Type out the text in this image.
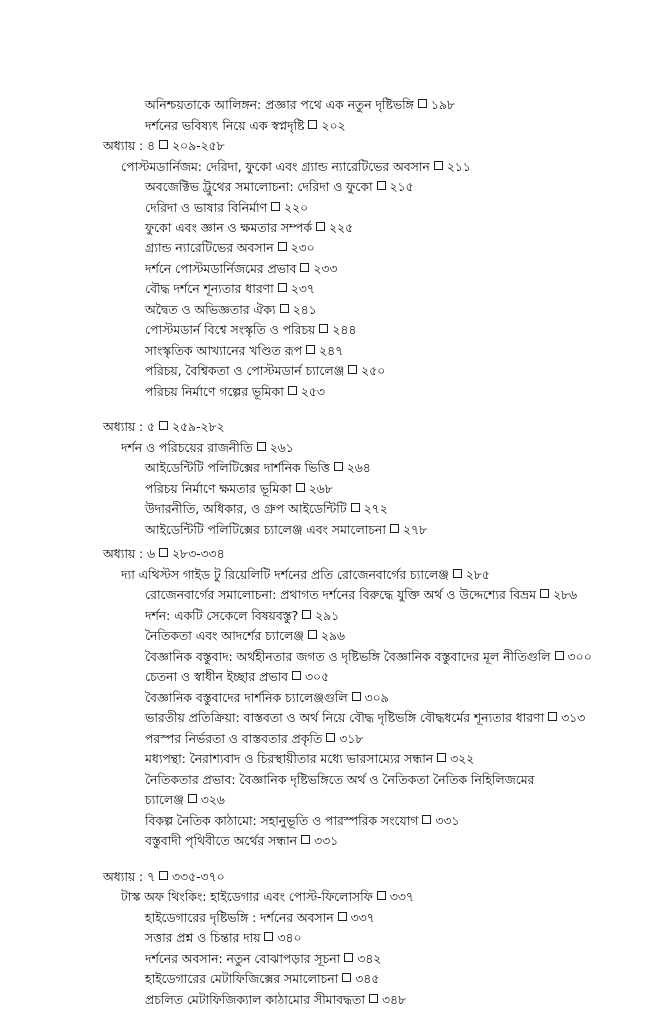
অনিশ্চয়তাকে আলিঙ্গন: প্রজ্ঞার পথে এক নতুন দৃষ্টিভঙ্গি ১৯৮
দর্শনের ভবিষ্যৎ নিয়ে এক স্বপ্নদৃষ্টি ২০২
অধ্যায় : ৪ ২০৯-২৫৮
পোস্টমডার্নিজম: দেরিদা, ফুকো এবং গ্র্যান্ড ন্যারেটিভের অবসান ২১১
অবজেক্টিভ ট্রুথের সমালোচনা: দেরিদা ও ফুকো ২১৫
দেরিদা ও ভাষার বিনির্মাণ ২২০
ফুকো এবং জ্ঞান ও ক্ষমতার সম্পর্ক ২২৫
গ্র্যান্ড ন্যারেটিভের অবসান ২৩০
দর্শনে পোস্টমডার্নিজমের প্রভাব ২৩৩
বৌদ্ধ দর্শনে শূন্যতার ধারণা ২৩৭
অদ্বৈত ও অভিজ্ঞতার ঐক্য ২৪১
পোস্টমডার্ন বিশ্বে সংস্কৃতি ও পরিচয় ২৪৪
সাংস্কৃতিক আখ্যানের খণ্ডিত রূপ ২৪৭
পরিচয়, বৈশ্বিকতা ও পোস্টমডার্ন চ্যালেঞ্জ ২৫০
পরিচয় নির্মাণে গল্পের ভূমিকা ২৫৩
অধ্যায় : ৫ ২৫৯-২৮২
দর্শন ও পরিচয়ের রাজনীতি ২৬১
আইডেন্টিটি পলিটিক্সের দার্শনিক ভিত্তি ২৬৪
পরিচয় নির্মাণে ক্ষমতার ভূমিকা ২৬৮
উদারনীতি, অধিকার, ও গ্রুপ আইডেন্টিটি ২৭২
আইডেন্টিটি পলিটিক্সের চ্যালেঞ্জ এবং সমালোচনা ২৭৮
অধ্যায় : ৬ ২৮৩-৩৩৪
দ্যা এথিস্টস গাইড টু রিয়েলিটি দর্শনের প্রতি রোজেনবার্গের চ্যালেঞ্জ ২৮৫
রোজেনবার্গের সমালোচনা: প্রথাগত দর্শনের বিরুদ্ধে যুক্তি অর্থ ও উদ্দেশ্যের বিভ্রম ২৮৬
দর্শন: একটি সেকেলে বিষয়বস্তু? ২৯১
নৈতিকতা এবং আদর্শের চ্যালেঞ্জ ২৯৬
বৈজ্ঞানিক বস্তুবাদ: অর্থহীনতার জগত ও দৃষ্টিভঙ্গি বৈজ্ঞানিক বস্তুবাদের মূল নীতিগুলি ৩০০
চেতনা ও স্বাধীন ইচ্ছার প্রভাব ৩০৫
বৈজ্ঞানিক বস্তুবাদের দার্শনিক চ্যালেঞ্জগুলি ৩০৯
ভারতীয় প্রতিক্রিয়া: বাস্তবতা ও অর্থ নিয়ে বৌদ্ধ দৃষ্টিভঙ্গি বৌদ্ধধর্মের শূন্যতার ধারণা ৩১৩
পরস্পর নির্ভরতা ও বাস্তবতার প্রকৃতি ৩১৮
মধ্যপন্থা: নৈরাশ্যবাদ ও চিরস্থায়ীতার মধ্যে ভারসাম্যের সন্ধান ৩২২
নৈতিকতার প্রভাব: বৈজ্ঞানিক দৃষ্টিভঙ্গিতে অর্থ ও নৈতিকতা নৈতিক নিহিলিজমের
চ্যালেঞ্জ ৩২৬
বিকল্প নৈতিক কাঠামো: সহানুভূতি ও পারস্পরিক সংযোগ ৩৩১
বস্তুবাদী পৃথিবীতে অর্থের সন্ধান ৩৩১
অধ্যায় : ৭ ৩৩৫-৩৭০
টাস্ক অফ থিংকিং: হাইডেগার এবং পোস্ট-ফিলোসফি ৩৩৭
হাইডেগারের দৃষ্টিভঙ্গি : দর্শনের অবসান ৩৩৭
সত্তার প্রশ্ন ও চিন্তার দায় ৩৪০
দর্শনের অবসান: নতুন বোঝাপড়ার সূচনা ৩৪২
হাইডেগারের মেটাফিজিক্সের সমালোচনা ৩৪৫
প্রচলিত মেটাফিজিক্যাল কাঠামোর সীমাবদ্ধতা ৩৪৮
